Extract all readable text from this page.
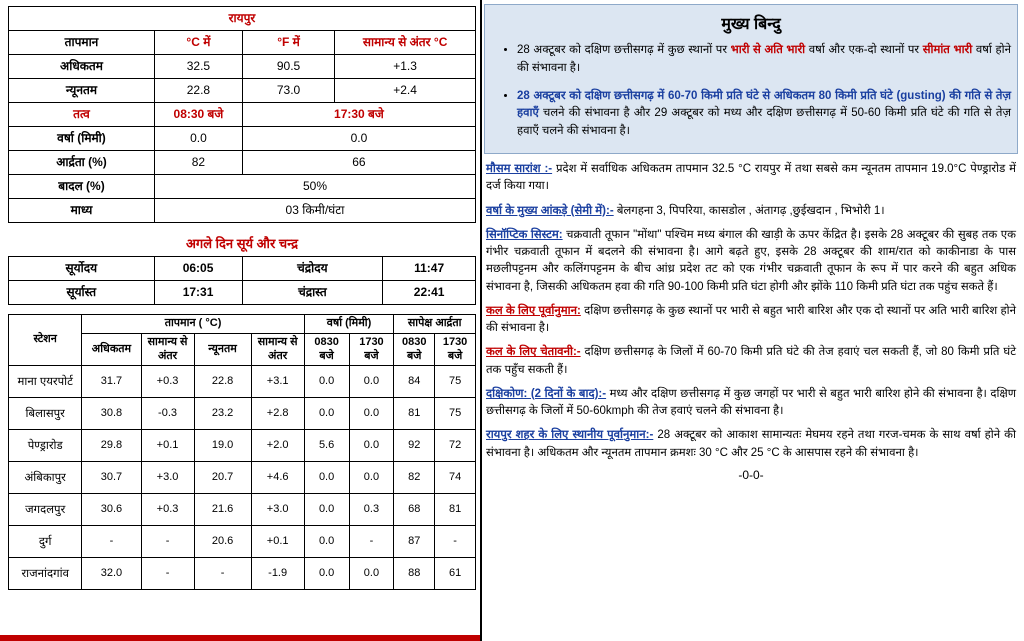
रायपुर			
तापमान	°C में	°F में	सामान्य से अंतर °C
अधिकतम	32.5	90.5	+1.3
न्यूनतम	22.8	73.0	+2.4
तत्व	08:30 बजे	17:30 बजे	
वर्षा (मिमी)	0.0	0.0	
आर्द्रता (%)	82	66	
बादल (%)	50%		
माध्य	03 किमी/घंटा		
अगले दिन सूर्य और चन्द्र
सूर्योदय	06:05	चंद्रोदय	11:47
सूर्यास्त	17:31	चंद्रास्त	22:41
स्टेशन	तापमान ( °C)				वर्षा (मिमी)		सापेक्ष आर्द्रता	
	अधिकतम	सामान्य से अंतर	न्यूनतम	सामान्य से अंतर	0830 बजे	1730 बजे	0830 बजे	1730 बजे
माना एयरपोर्ट	31.7	+0.3	22.8	+3.1	0.0	0.0	84	75
बिलासपुर	30.8	-0.3	23.2	+2.8	0.0	0.0	81	75
पेण्ड्रारोड	29.8	+0.1	19.0	+2.0	5.6	0.0	92	72
अंबिकापुर	30.7	+3.0	20.7	+4.6	0.0	0.0	82	74
जगदलपुर	30.6	+0.3	21.6	+3.0	0.0	0.3	68	81
दुर्ग	-	-	20.6	+0.1	0.0	-	87	-
राजनांदगांव	32.0	-	-	-1.9	0.0	0.0	88	61
मुख्य बिन्दु
• 28 अक्टूबर को दक्षिण छत्तीसगढ़ में कुछ स्थानों पर भारी से अति भारी वर्षा और एक-दो स्थानों पर सीमांत भारी वर्षा होने की संभावना है।
• 28 अक्टूबर को दक्षिण छत्तीसगढ़ में 60-70 किमी प्रति घंटे से अधिकतम 80 किमी प्रति घंटे (gusting) की गति से तेज़ हवाएँ चलने की संभावना है और 29 अक्टूबर को मध्य और दक्षिण छत्तीसगढ़ में 50-60 किमी प्रति घंटे की गति से तेज़ हवाएँ चलने की संभावना है।
मौसम सारांश :- प्रदेश में सर्वाधिक अधिकतम तापमान 32.5 °C रायपुर में तथा सबसे कम न्यूनतम तापमान 19.0°C पेण्ड्रारोड में दर्ज किया गया।
वर्षा के मुख्य आंकड़े (सेमी में):- बेलगहना 3, पिपरिया, कासडोल , अंतागढ़ ,छुईखदान , भिभोरी 1।
सिनॉप्टिक सिस्टम: चक्रवाती तूफान "मोंथा" पश्चिम मध्य बंगाल की खाड़ी के ऊपर केंद्रित है। इसके 28 अक्टूबर की सुबह तक एक गंभीर चक्रवाती तूफान में बदलने की संभावना है। आगे बढ़ते हुए, इसके 28 अक्टूबर की शाम/रात को काकीनाडा के पास मछलीपट्टनम और कलिंगपट्टनम के बीच आंध्र प्रदेश तट को एक गंभीर चक्रवाती तूफान के रूप में पार करने की बहुत अधिक संभावना है, जिसकी अधिकतम हवा की गति 90-100 किमी प्रति घंटा होगी और झोंके 110 किमी प्रति घंटा तक पहुंच सकते हैं।
कल के लिए पूर्वानुमान: दक्षिण छत्तीसगढ़ के कुछ स्थानों पर भारी से बहुत भारी बारिश और एक दो स्थानों पर अति भारी बारिश होने की संभावना है।
कल के लिए चेतावनी:- दक्षिण छत्तीसगढ़ के जिलों में 60-70 किमी प्रति घंटे की तेज हवाएं चल सकती हैं, जो 80 किमी प्रति घंटे तक पहुँच सकती हैं।
दक्षिकोण: (2 दिनों के बाद):- मध्य और दक्षिण छत्तीसगढ़ में कुछ जगहों पर भारी से बहुत भारी बारिश होने की संभावना है। दक्षिण छत्तीसगढ़ के जिलों में 50-60kmph की तेज हवाएं चलने की संभावना है।
रायपुर शहर के लिए स्थानीय पूर्वानुमान:- 28 अक्टूबर को आकाश सामान्यतः मेघमय रहने तथा गरज-चमक के साथ वर्षा होने की संभावना है। अधिकतम और न्यूनतम तापमान क्रमशः 30 °C और 25 °C के आसपास रहने की संभावना है।
-0-0-
